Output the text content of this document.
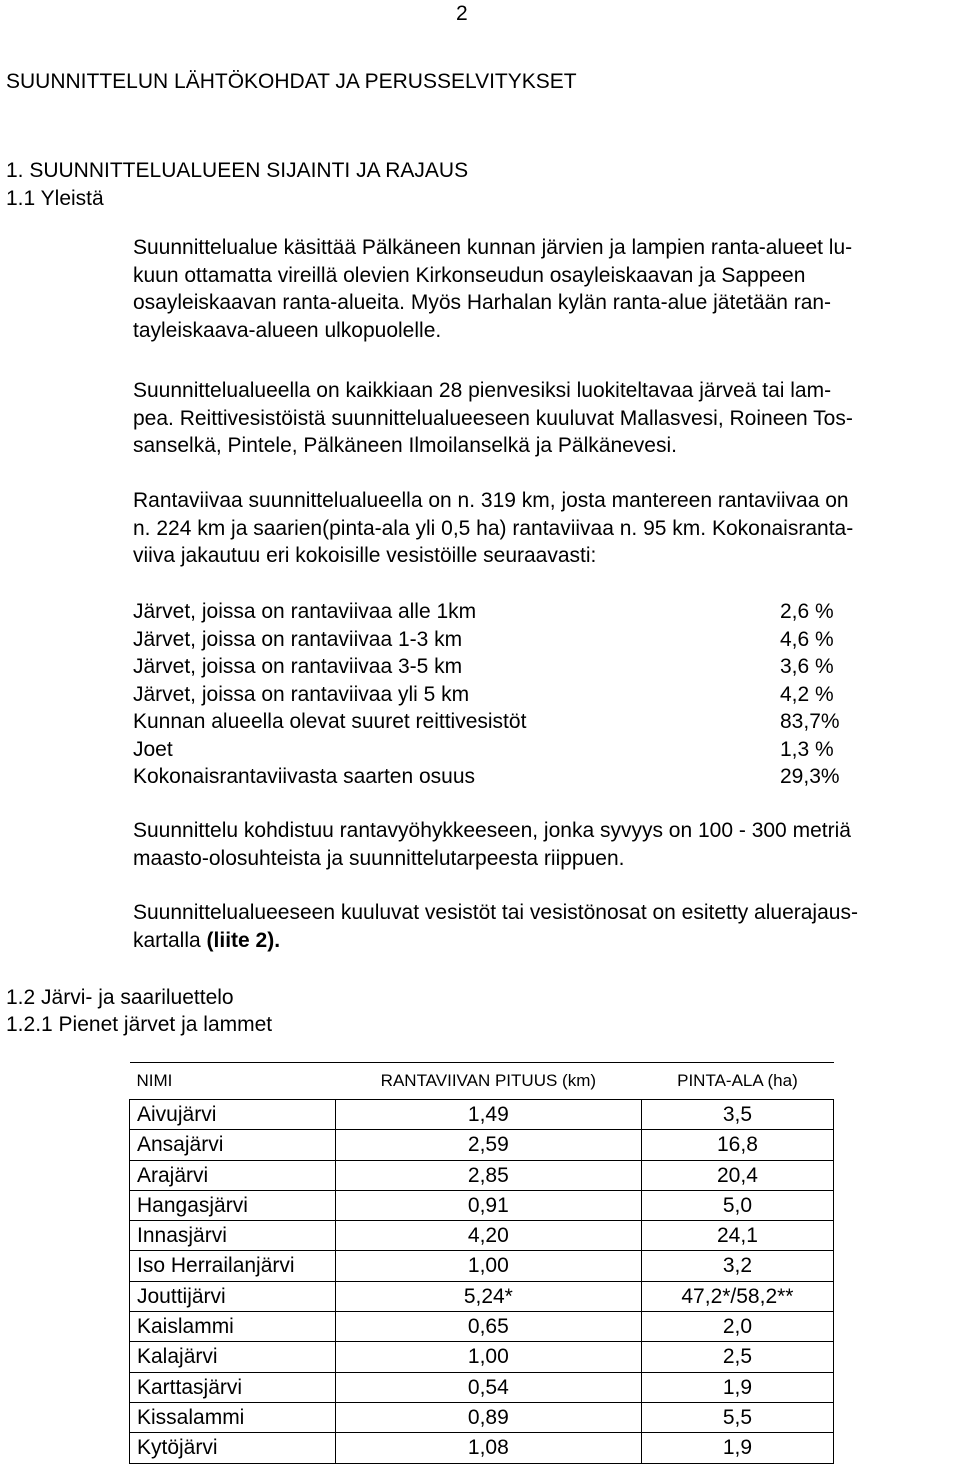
2
SUUNNITTELUN LÄHTÖKOHDAT JA PERUSSELVITYKSET
1. SUUNNITTELUALUEEN SIJAINTI JA RAJAUS
1.1 Yleistä
Suunnittelualue käsittää Pälkäneen kunnan järvien ja lampien ranta-alueet lu-
kuun ottamatta vireillä olevien Kirkonseudun osayleiskaavan ja Sappeen
osayleiskaavan ranta-alueita. Myös Harhalan kylän ranta-alue jätetään ran-
tayleiskaava-alueen ulkopuolelle.
Suunnittelualueella on kaikkiaan 28 pienvesiksi luokiteltavaa järveä tai lam-
pea. Reittivesistöistä suunnittelualueeseen kuuluvat Mallasvesi, Roineen Tos-
sanselkä, Pintele, Pälkäneen Ilmoilanselkä ja Pälkänevesi.
Rantaviivaa suunnittelualueella on n. 319 km, josta mantereen rantaviivaa on
n. 224 km ja saarien(pinta-ala yli 0,5 ha) rantaviivaa n. 95 km. Kokonaisranta-
viiva jakautuu eri kokoisille vesistöille seuraavasti:
Järvet, joissa on rantaviivaa alle 1km	2,6 %
Järvet, joissa on rantaviivaa 1-3 km	4,6 %
Järvet, joissa on rantaviivaa 3-5 km	3,6 %
Järvet, joissa on rantaviivaa yli 5 km	4,2 %
Kunnan alueella olevat suuret reittivesistöt	83,7%
Joet	1,3 %
Kokonaisrantaviivasta saarten osuus	29,3%
Suunnittelu kohdistuu rantavyöhykkeeseen, jonka syvyys on 100 - 300 metriä
maasto-olosuhteista ja suunnittelutarpeesta riippuen.
Suunnittelualueeseen kuuluvat vesistöt tai vesistönosat on esitetty aluerajaus-
kartalla (liite 2).
1.2 Järvi- ja saariluettelo
1.2.1 Pienet järvet ja lammet
NIMI	RANTAVIIVAN PITUUS (km)	PINTA-ALA (ha)
Aivujärvi	1,49	3,5
Ansajärvi	2,59	16,8
Arajärvi	2,85	20,4
Hangasjärvi	0,91	5,0
Innasjärvi	4,20	24,1
Iso Herrailanjärvi	1,00	3,2
Jouttijärvi	5,24*	47,2*/58,2**
Kaislammi	0,65	2,0
Kalajärvi	1,00	2,5
Karttasjärvi	0,54	1,9
Kissalammi	0,89	5,5
Kytöjärvi	1,08	1,9
